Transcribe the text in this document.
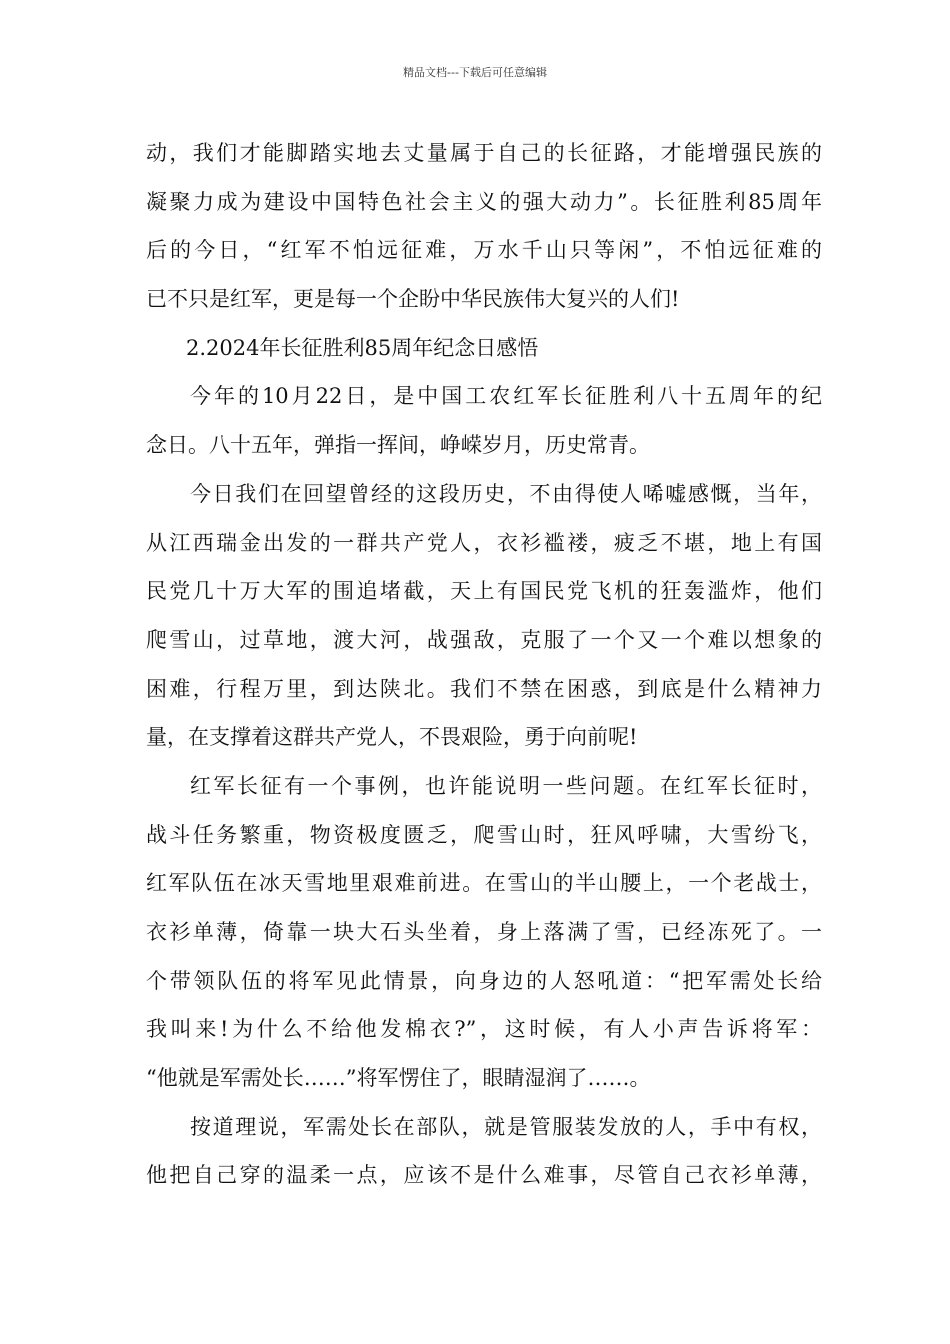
精品文档---下载后可任意编辑
动，我们才能脚踏实地去丈量属于自己的长征路，才能增强民族的
凝聚力成为建设中国特色社会主义的强大动力”。长征胜利85周年
后的今日，“红军不怕远征难，万水千山只等闲”，不怕远征难的
已不只是红军，更是每一个企盼中华民族伟大复兴的人们!
2.2024年长征胜利85周年纪念日感悟
今年的10月22日，是中国工农红军长征胜利八十五周年的纪
念日。八十五年，弹指一挥间，峥嵘岁月，历史常青。
今日我们在回望曾经的这段历史，不由得使人唏嘘感慨，当年，
从江西瑞金出发的一群共产党人，衣衫褴褛，疲乏不堪，地上有国
民党几十万大军的围追堵截，天上有国民党飞机的狂轰滥炸，他们
爬雪山，过草地，渡大河，战强敌，克服了一个又一个难以想象的
困难，行程万里，到达陕北。我们不禁在困惑，到底是什么精神力
量，在支撑着这群共产党人，不畏艰险，勇于向前呢!
红军长征有一个事例，也许能说明一些问题。在红军长征时，
战斗任务繁重，物资极度匮乏，爬雪山时，狂风呼啸，大雪纷飞，
红军队伍在冰天雪地里艰难前进。在雪山的半山腰上，一个老战士，
衣衫单薄，倚靠一块大石头坐着，身上落满了雪，已经冻死了。一
个带领队伍的将军见此情景，向身边的人怒吼道：“把军需处长给
我叫来!为什么不给他发棉衣?”，这时候，有人小声告诉将军：
“他就是军需处长……”将军愣住了，眼睛湿润了……。
按道理说，军需处长在部队，就是管服装发放的人，手中有权，
他把自己穿的温柔一点，应该不是什么难事，尽管自己衣衫单薄，
